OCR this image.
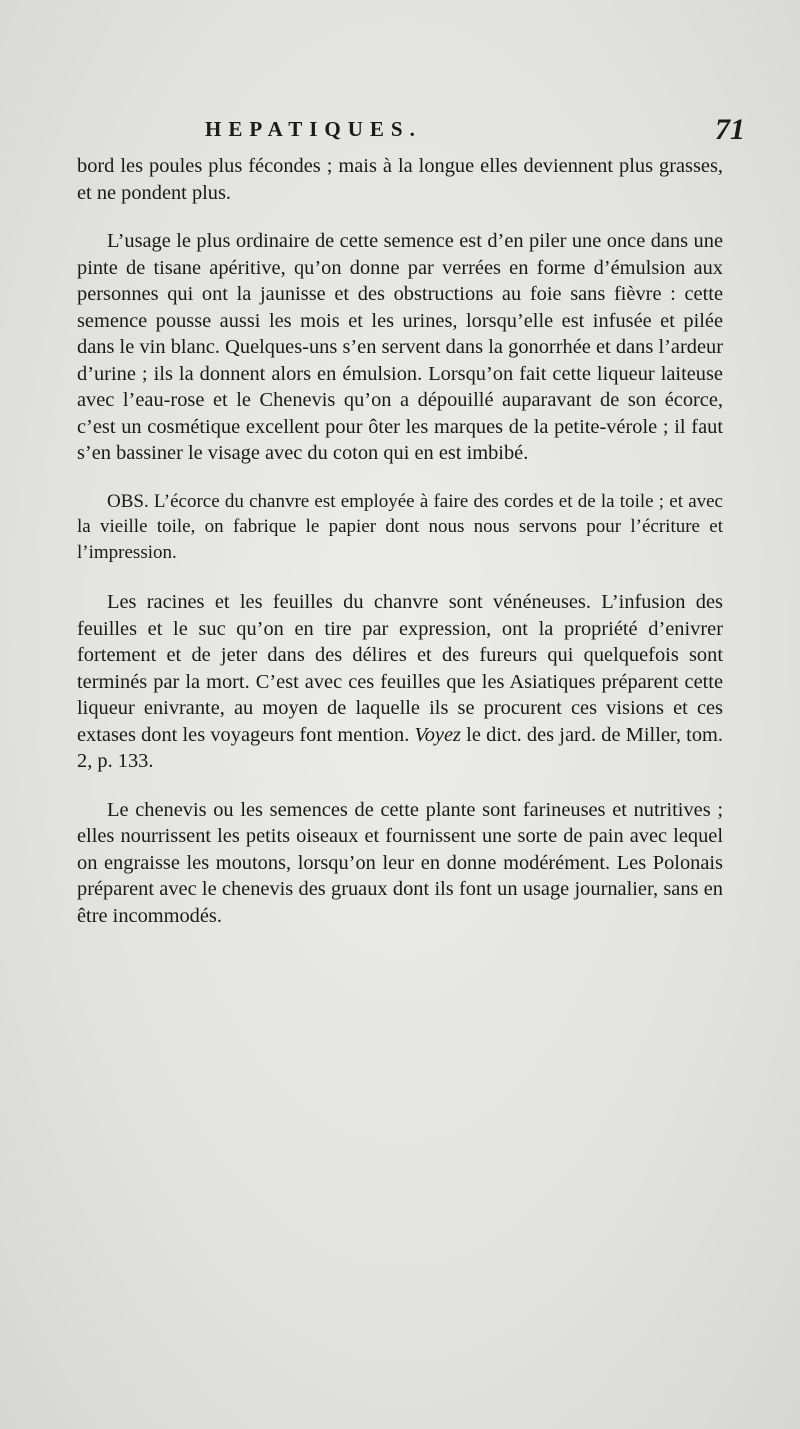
HEPATIQUES.	71

bord les poules plus fécondes ; mais à la longue elles deviennent plus grasses, et ne pondent plus.

L’usage le plus ordinaire de cette semence est d’en piler une once dans une pinte de tisane apéritive, qu’on donne par verrées en forme d’émulsion aux personnes qui ont la jaunisse et des obstructions au foie sans fièvre : cette semence pousse aussi les mois et les urines, lorsqu’elle est infusée et pilée dans le vin blanc. Quelques-uns s’en servent dans la gonorrhée et dans l’ardeur d’urine ; ils la donnent alors en émulsion. Lorsqu’on fait cette liqueur laiteuse avec l’eau-rose et le Chenevis qu’on a dépouillé auparavant de son écorce, c’est un cosmétique excellent pour ôter les marques de la petite-vérole ; il faut s’en bassiner le visage avec du coton qui en est imbibé.

OBS. L’écorce du chanvre est employée à faire des cordes et de la toile ; et avec la vieille toile, on fabrique le papier dont nous nous servons pour l’écriture et l’impression.

Les racines et les feuilles du chanvre sont vénéneuses. L’infusion des feuilles et le suc qu’on en tire par expression, ont la propriété d’enivrer fortement et de jeter dans des délires et des fureurs qui quelquefois sont terminés par la mort. C’est avec ces feuilles que les Asiatiques préparent cette liqueur enivrante, au moyen de laquelle ils se procurent ces visions et ces extases dont les voyageurs font mention. Voyez le dict. des jard. de Miller, tom. 2, p. 133.

Le chenevis ou les semences de cette plante sont farineuses et nutritives ; elles nourrissent les petits oiseaux et fournissent une sorte de pain avec lequel on engraisse les moutons, lorsqu’on leur en donne modérément. Les Polonais préparent avec le chenevis des gruaux dont ils font un usage journalier, sans en être incommodés.
